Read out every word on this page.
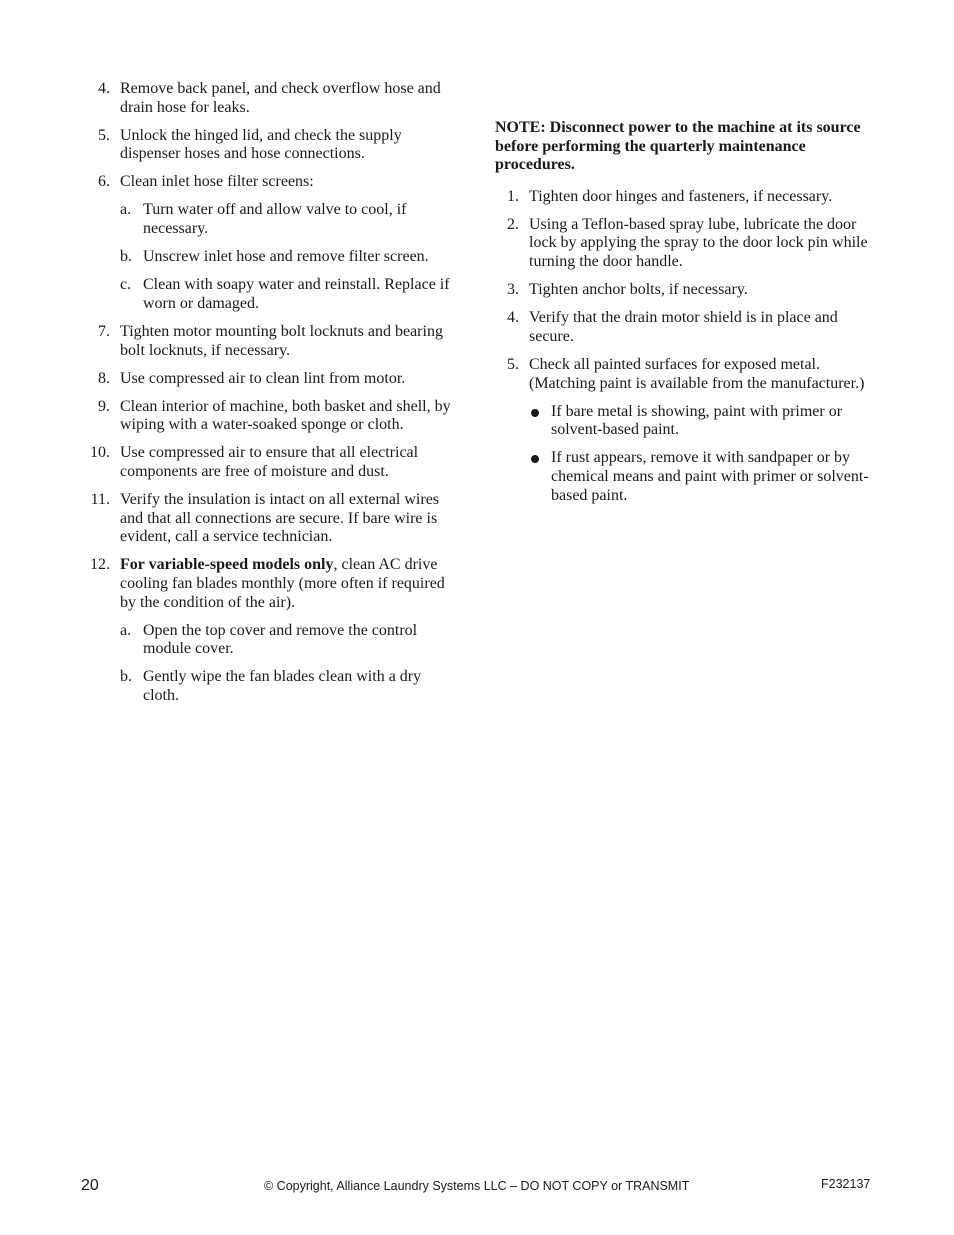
4. Remove back panel, and check overflow hose and drain hose for leaks.
5. Unlock the hinged lid, and check the supply dispenser hoses and hose connections.
6. Clean inlet hose filter screens:
a. Turn water off and allow valve to cool, if necessary.
b. Unscrew inlet hose and remove filter screen.
c. Clean with soapy water and reinstall. Replace if worn or damaged.
7. Tighten motor mounting bolt locknuts and bearing bolt locknuts, if necessary.
8. Use compressed air to clean lint from motor.
9. Clean interior of machine, both basket and shell, by wiping with a water-soaked sponge or cloth.
10. Use compressed air to ensure that all electrical components are free of moisture and dust.
11. Verify the insulation is intact on all external wires and that all connections are secure. If bare wire is evident, call a service technician.
12. For variable-speed models only, clean AC drive cooling fan blades monthly (more often if required by the condition of the air).
a. Open the top cover and remove the control module cover.
b. Gently wipe the fan blades clean with a dry cloth.
NOTE: Disconnect power to the machine at its source before performing the quarterly maintenance procedures.
1. Tighten door hinges and fasteners, if necessary.
2. Using a Teflon-based spray lube, lubricate the door lock by applying the spray to the door lock pin while turning the door handle.
3. Tighten anchor bolts, if necessary.
4. Verify that the drain motor shield is in place and secure.
5. Check all painted surfaces for exposed metal. (Matching paint is available from the manufacturer.)
If bare metal is showing, paint with primer or solvent-based paint.
If rust appears, remove it with sandpaper or by chemical means and paint with primer or solvent-based paint.
20	© Copyright, Alliance Laundry Systems LLC – DO NOT COPY or TRANSMIT	F232137
